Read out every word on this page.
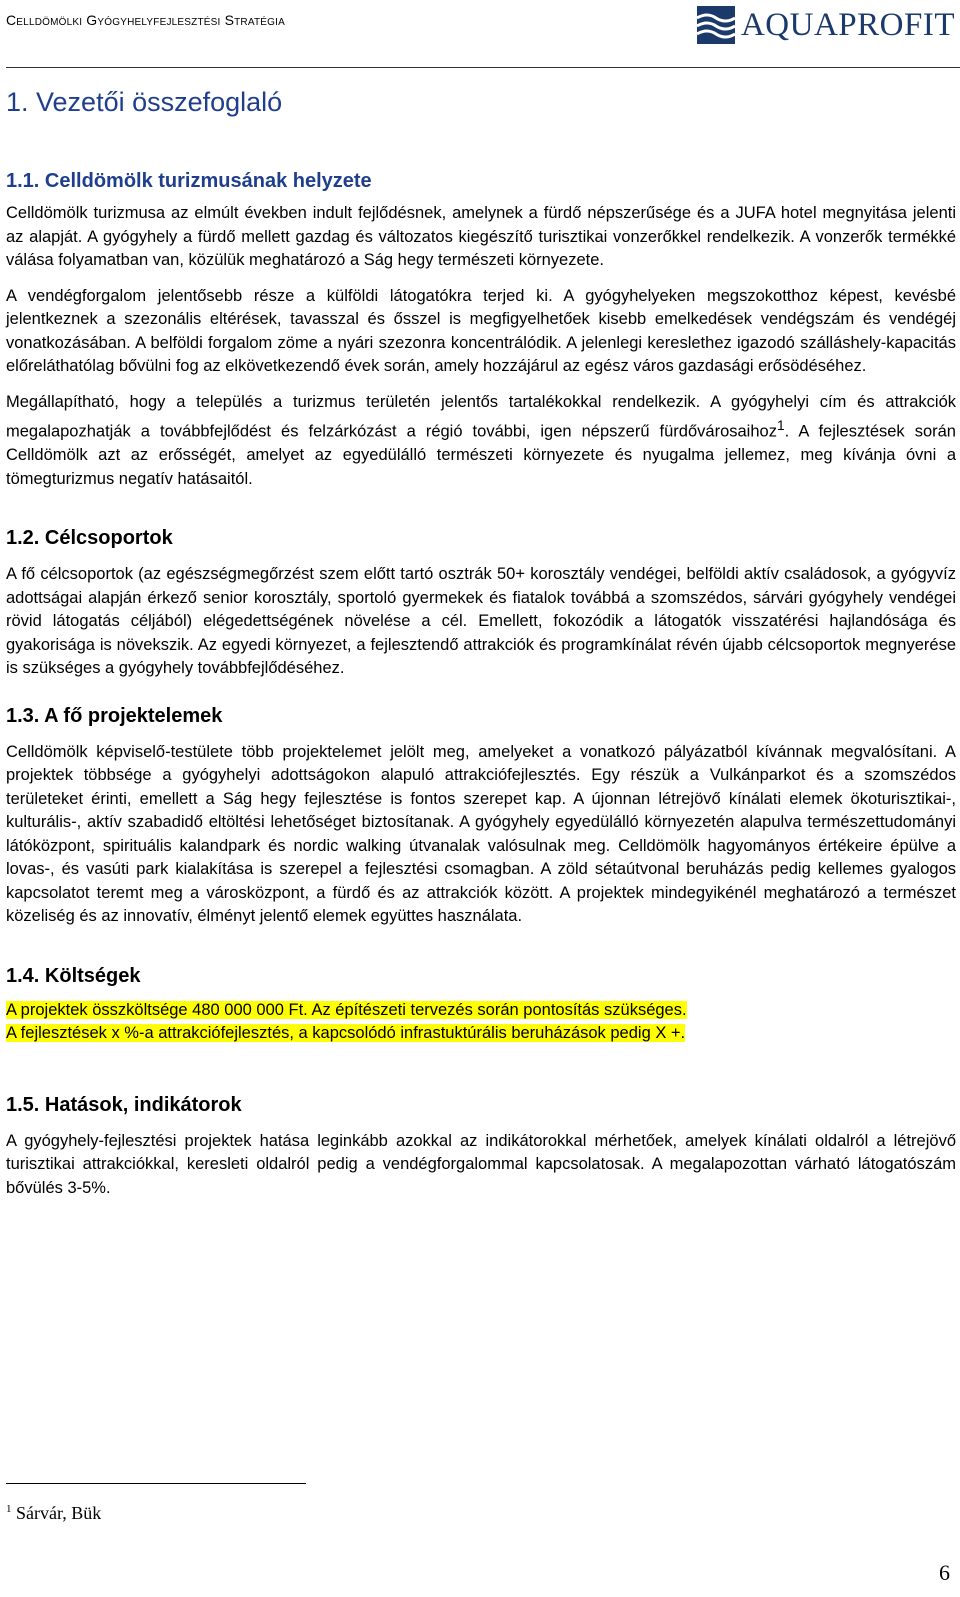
Celldömölki Gyógyhelyfejlesztési Stratégia	AQUAPROFIT
1. Vezetői összefoglaló
1.1. Celldömölk turizmusának helyzete

Celldömölk turizmusa az elmúlt években indult fejlődésnek, amelynek a fürdő népszerűsége és a JUFA hotel megnyitása jelenti az alapját. A gyógyhely a fürdő mellett gazdag és változatos kiegészítő turisztikai vonzerőkkel rendelkezik. A vonzerők termékké válása folyamatban van, közülük meghatározó a Ság hegy természeti környezete.

A vendégforgalom jelentősebb része a külföldi látogatókra terjed ki. A gyógyhelyeken megszokotthoz képest, kevésbé jelentkeznek a szezonális eltérések, tavasszal és ősszel is megfigyelhetőek kisebb emelkedések vendégszám és vendégéj vonatkozásában. A belföldi forgalom zöme a nyári szezonra koncentrálódik. A jelenlegi kereslethez igazodó szálláshely-kapacitás előreláthatólag bővülni fog az elkövetkezendő évek során, amely hozzájárul az egész város gazdasági erősödéséhez.

Megállapítható, hogy a település a turizmus területén jelentős tartalékokkal rendelkezik. A gyógyhelyi cím és attrakciók megalapozhatják a továbbfejlődést és felzárkózást a régió további, igen népszerű fürdővárosaihoz$^1$. A fejlesztések során Celldömölk azt az erősségét, amelyet az egyedülálló természeti környezete és nyugalma jellemez, meg kívánja óvni a tömegturizmus negatív hatásaitól.

1.2. Célcsoportok

A fő célcsoportok (az egészségmegőrzést szem előtt tartó osztrák 50+ korosztály vendégei, belföldi aktív családosok, a gyógyvíz adottságai alapján érkező senior korosztály, sportoló gyermekek és fiatalok továbbá a szomszédos, sárvári gyógyhely vendégei rövid látogatás céljából) elégedettségének növelése a cél. Emellett, fokozódik a látogatók visszatérési hajlandósága és gyakorisága is növekszik. Az egyedi környezet, a fejlesztendő attrakciók és programkínálat révén újabb célcsoportok megnyerése is szükséges a gyógyhely továbbfejlődéséhez.

1.3. A fő projektelemek

Celldömölk képviselő-testülete több projektelemet jelölt meg, amelyeket a vonatkozó pályázatból kívánnak megvalósítani. A projektek többsége a gyógyhelyi adottságokon alapuló attrakciófejlesztés. Egy részük a Vulkánparkot és a szomszédos területeket érinti, emellett a Ság hegy fejlesztése is fontos szerepet kap. A újonnan létrejövő kínálati elemek ökoturisztikai-, kulturális-, aktív szabadidő eltöltési lehetőséget biztosítanak. A gyógyhely egyedülálló környezetén alapulva természettudományi látóközpont, spirituális kalandpark és nordic walking útvanalak valósulnak meg. Celldömölk hagyományos értékeire épülve a lovas-, és vasúti park kialakítása is szerepel a fejlesztési csomagban. A zöld sétaútvonal beruházás pedig kellemes gyalogos kapcsolatot teremt meg a városközpont, a fürdő és az attrakciók között. A projektek mindegyikénél meghatározó a természet közeliség és az innovatív, élményt jelentő elemek együttes használata.

1.4. Költségek

A projektek összköltsége 480 000 000 Ft. Az építészeti tervezés során pontosítás szükséges.
A fejlesztések x %-a attrakciófejlesztés, a kapcsolódó infrastuktúrális beruházások pedig X +.

1.5. Hatások, indikátorok

A gyógyhely-fejlesztési projektek hatása leginkább azokkal az indikátorokkal mérhetőek, amelyek kínálati oldalról a létrejövő turisztikai attrakciókkal, keresleti oldalról pedig a vendégforgalommal kapcsolatosak. A megalapozottan várható látogatószám bővülés 3-5%.

$^1$ Sárvár, Bük
6
